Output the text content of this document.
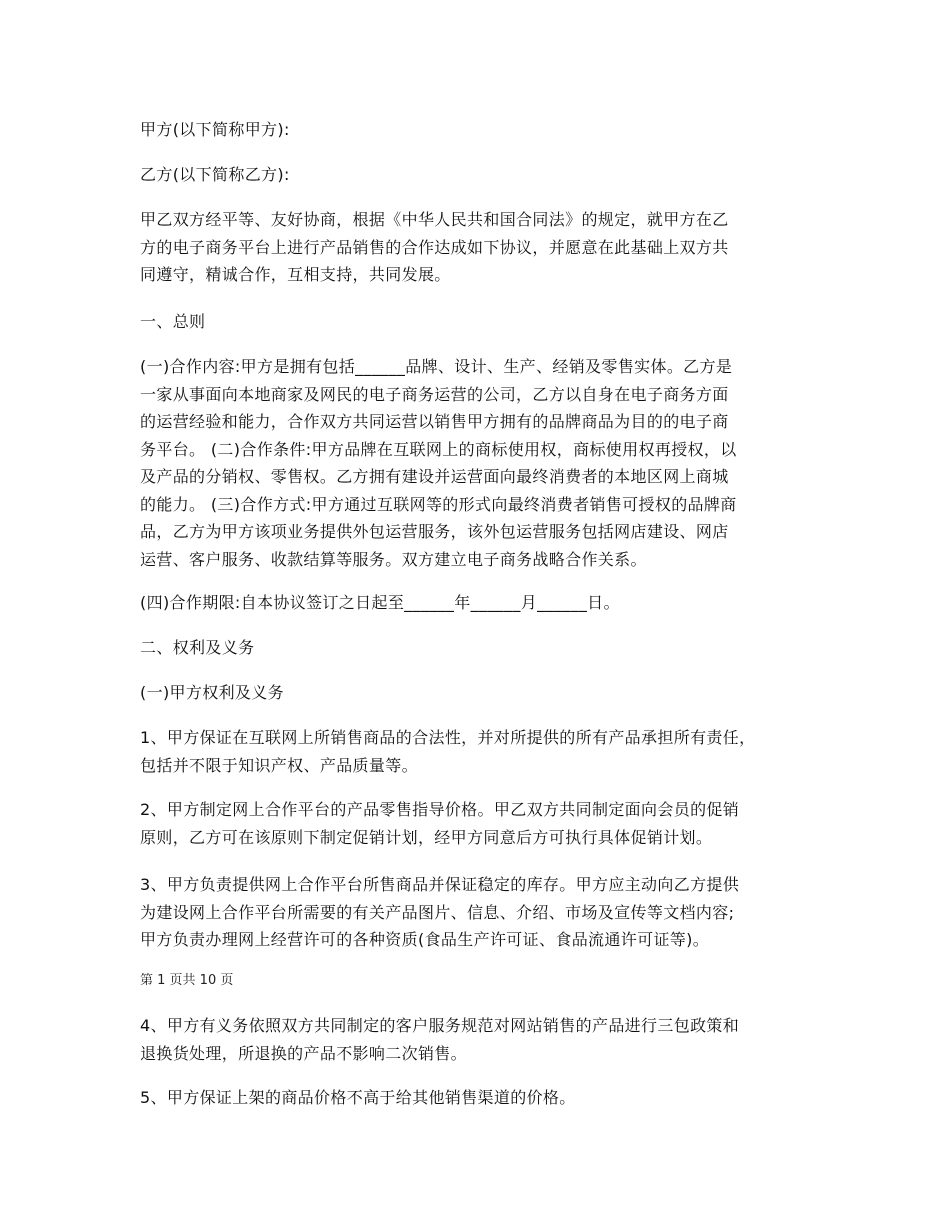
甲方(以下简称甲方):

乙方(以下简称乙方):

甲乙双方经平等、友好协商，根据《中华人民共和国合同法》的规定，就甲方在乙
方的电子商务平台上进行产品销售的合作达成如下协议，并愿意在此基础上双方共
同遵守，精诚合作，互相支持，共同发展。

一、总则

(一)合作内容:甲方是拥有包括______品牌、设计、生产、经销及零售实体。乙方是
一家从事面向本地商家及网民的电子商务运营的公司，乙方以自身在电子商务方面
的运营经验和能力，合作双方共同运营以销售甲方拥有的品牌商品为目的的电子商
务平台。 (二)合作条件:甲方品牌在互联网上的商标使用权，商标使用权再授权，以
及产品的分销权、零售权。乙方拥有建设并运营面向最终消费者的本地区网上商城
的能力。 (三)合作方式:甲方通过互联网等的形式向最终消费者销售可授权的品牌商
品，乙方为甲方该项业务提供外包运营服务，该外包运营服务包括网店建设、网店
运营、客户服务、收款结算等服务。双方建立电子商务战略合作关系。

(四)合作期限:自本协议签订之日起至______年______月______日。

二、权利及义务

(一)甲方权利及义务

1、甲方保证在互联网上所销售商品的合法性，并对所提供的所有产品承担所有责任，
包括并不限于知识产权、产品质量等。

2、甲方制定网上合作平台的产品零售指导价格。甲乙双方共同制定面向会员的促销
原则，乙方可在该原则下制定促销计划，经甲方同意后方可执行具体促销计划。

3、甲方负责提供网上合作平台所售商品并保证稳定的库存。甲方应主动向乙方提供
为建设网上合作平台所需要的有关产品图片、信息、介绍、市场及宣传等文档内容;
甲方负责办理网上经营许可的各种资质(食品生产许可证、食品流通许可证等)。

第 1 页共 10 页

4、甲方有义务依照双方共同制定的客户服务规范对网站销售的产品进行三包政策和
退换货处理，所退换的产品不影响二次销售。

5、甲方保证上架的商品价格不高于给其他销售渠道的价格。
